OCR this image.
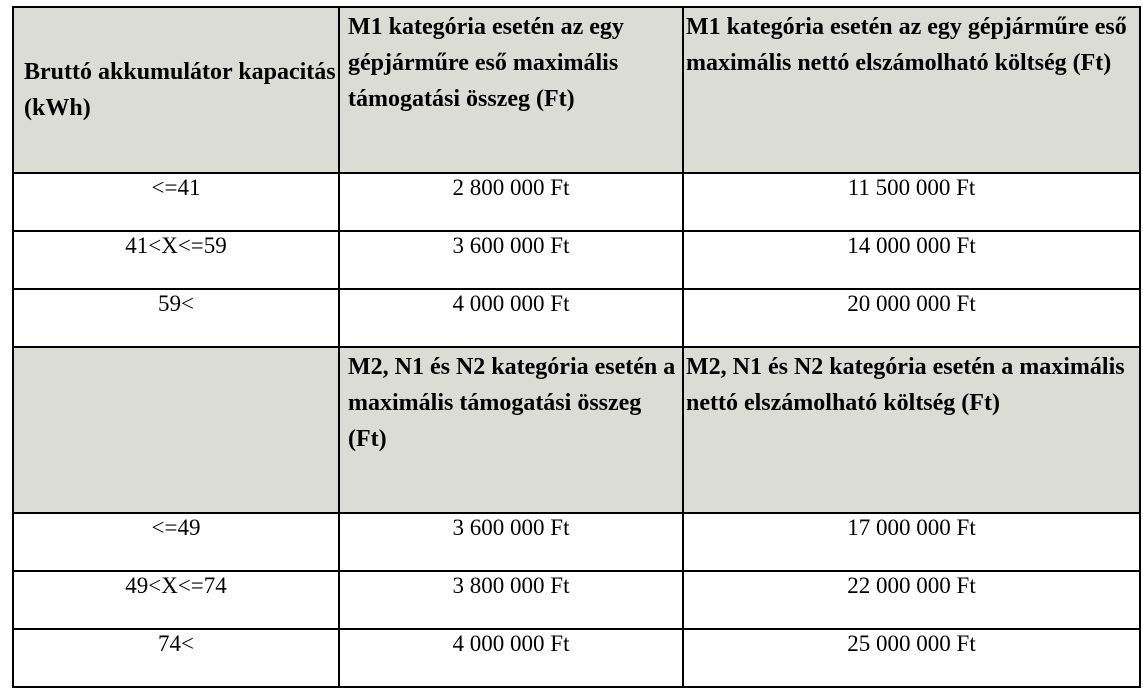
Bruttó akkumulátor kapacitás (kWh)	M1 kategória esetén az egy gépjárműre eső maximális támogatási összeg (Ft)	M1 kategória esetén az egy gépjárműre eső maximális nettó elszámolható költség (Ft)
<=41	2 800 000 Ft	11 500 000 Ft
41<X<=59	3 600 000 Ft	14 000 000 Ft
59<	4 000 000 Ft	20 000 000 Ft
	M2, N1 és N2 kategória esetén a maximális támogatási összeg (Ft)	M2, N1 és N2 kategória esetén a maximális nettó elszámolható költség (Ft)
<=49	3 600 000 Ft	17 000 000 Ft
49<X<=74	3 800 000 Ft	22 000 000 Ft
74<	4 000 000 Ft	25 000 000 Ft
